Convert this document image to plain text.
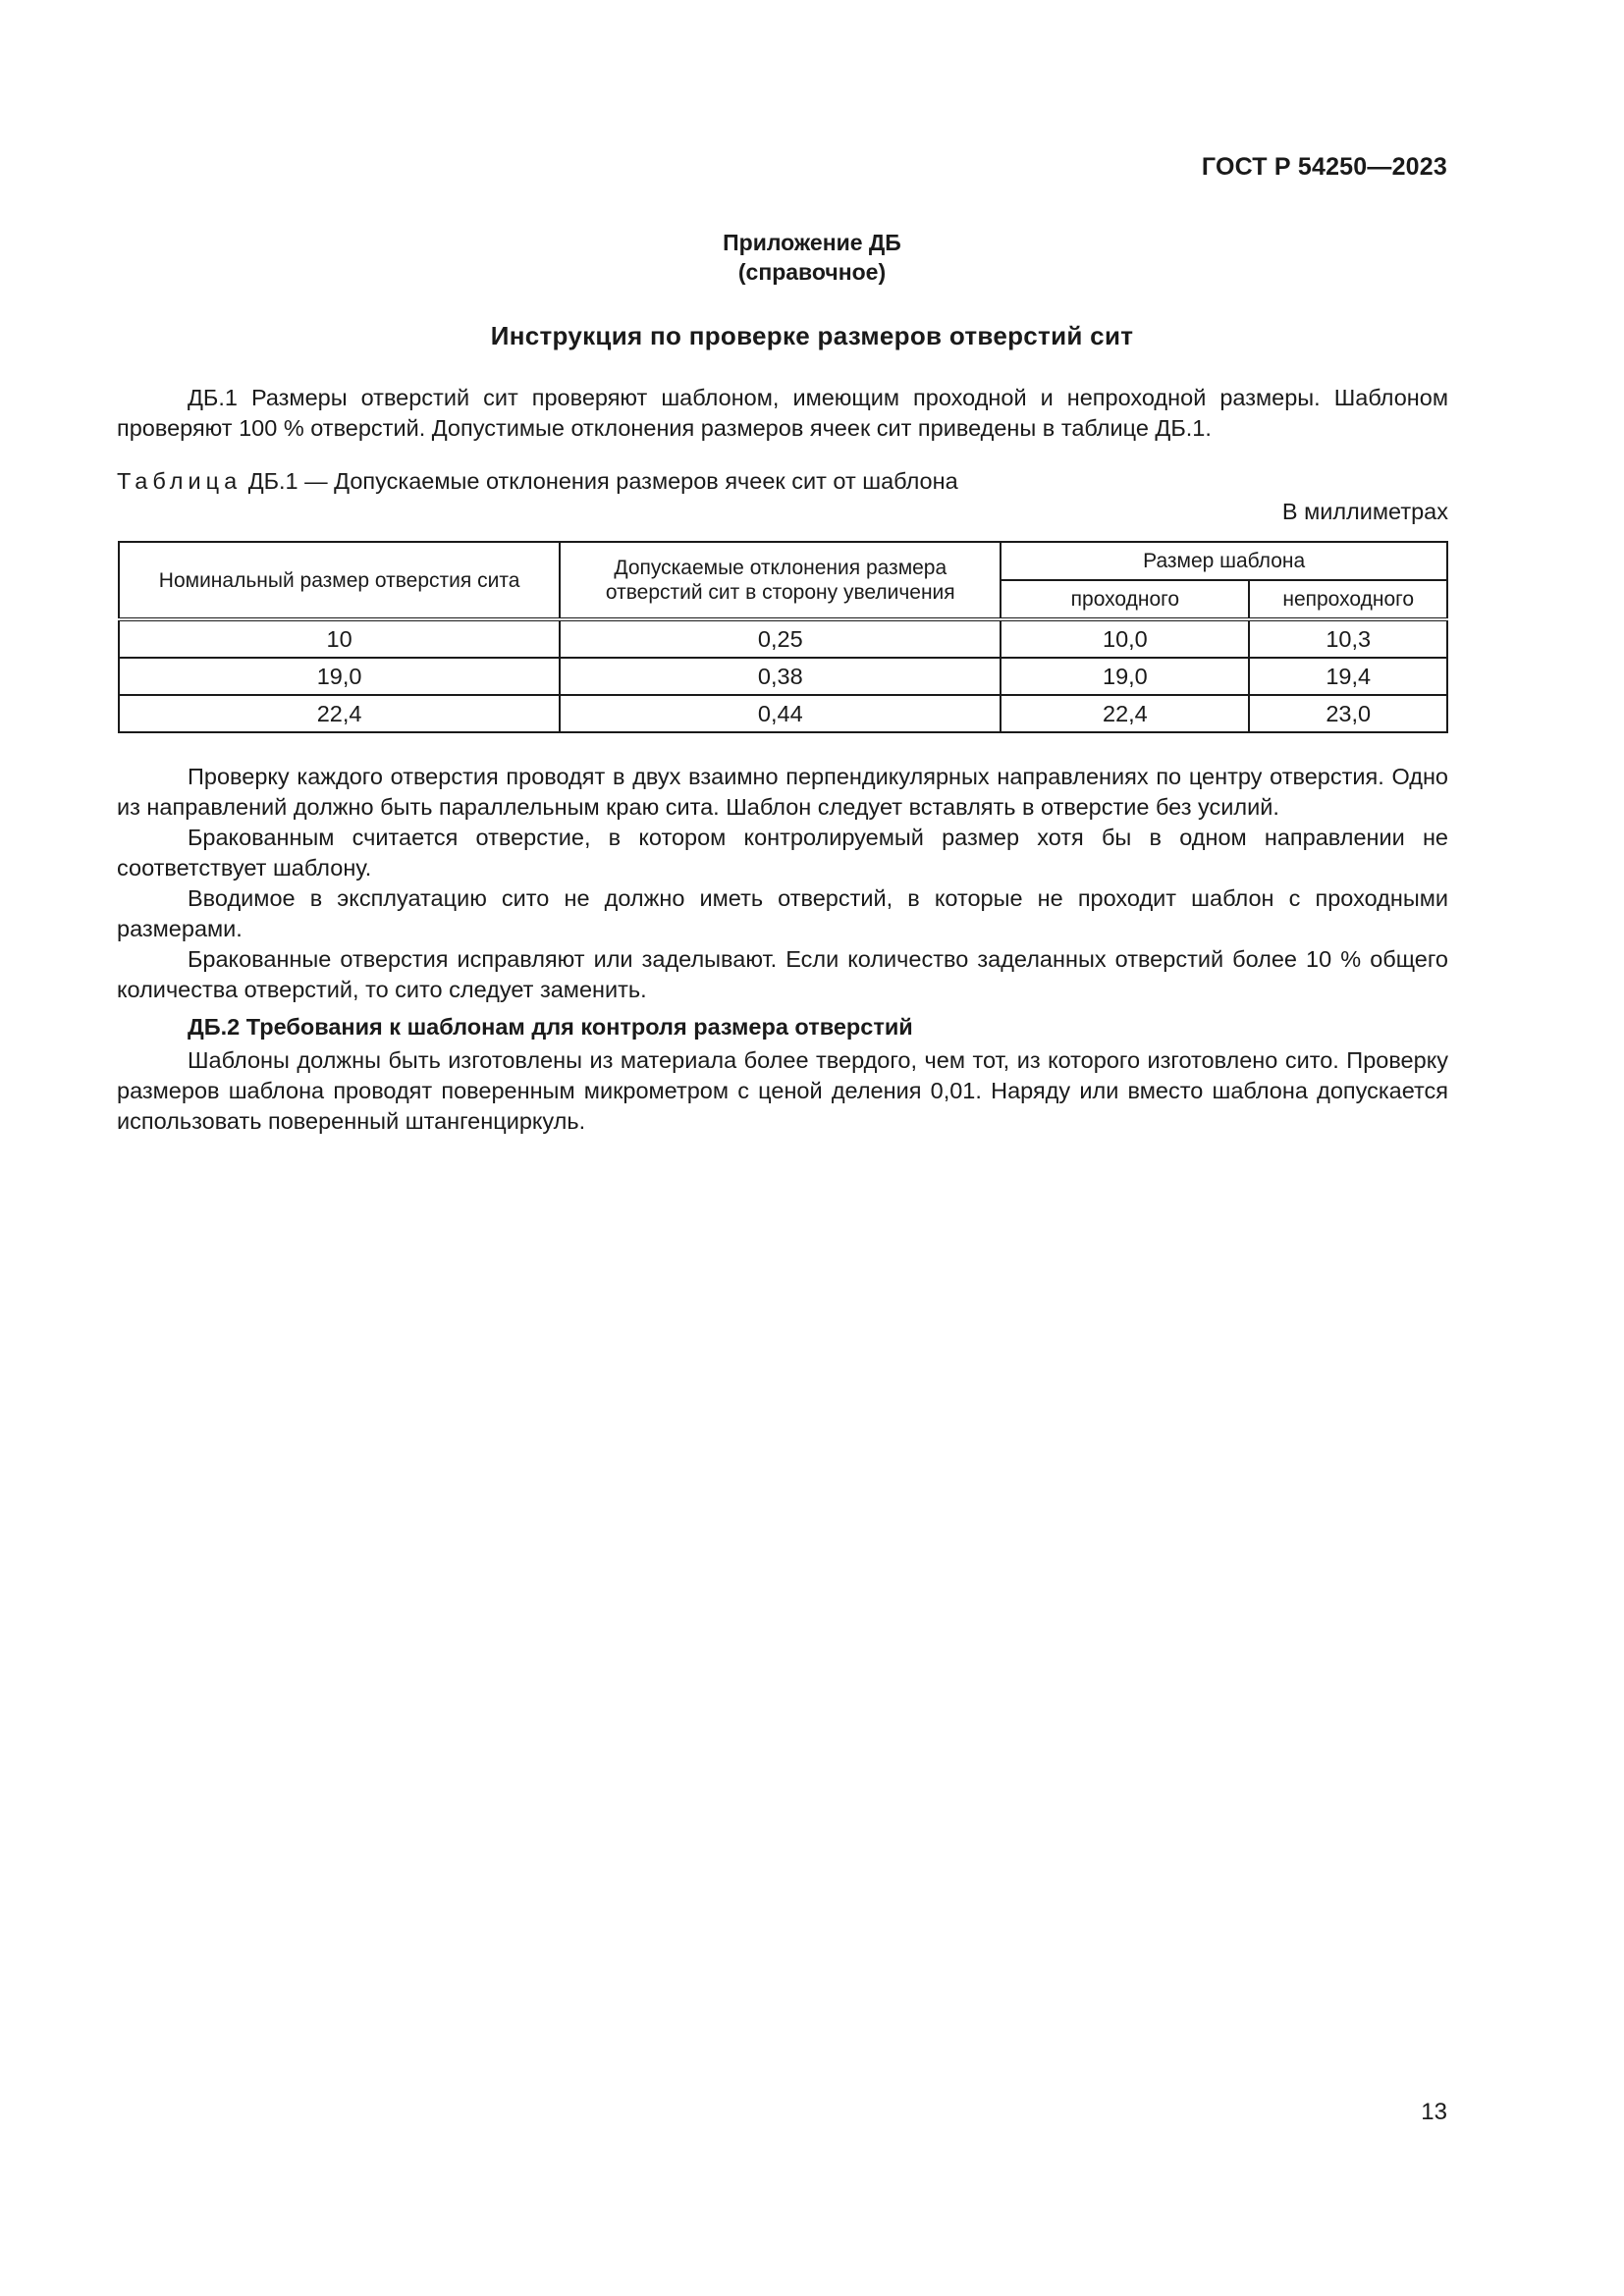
ГОСТ Р 54250—2023
Приложение ДБ
(справочное)
Инструкция по проверке размеров отверстий сит

ДБ.1 Размеры отверстий сит проверяют шаблоном, имеющим проходной и непроходной размеры. Шаблоном проверяют 100 % отверстий. Допустимые отклонения размеров ячеек сит приведены в таблице ДБ.1.

Таблица ДБ.1 — Допускаемые отклонения размеров ячеек сит от шаблона
В миллиметрах
Номинальный размер отверстия сита	Допускаемые отклонения размера отверстий сит в сторону увеличения	Размер шаблона	
		проходного	непроходного
10	0,25	10,0	10,3
19,0	0,38	19,0	19,4
22,4	0,44	22,4	23,0

Проверку каждого отверстия проводят в двух взаимно перпендикулярных направлениях по центру отверстия. Одно из направлений должно быть параллельным краю сита. Шаблон следует вставлять в отверстие без усилий.

Бракованным считается отверстие, в котором контролируемый размер хотя бы в одном направлении не соответствует шаблону.

Вводимое в эксплуатацию сито не должно иметь отверстий, в которые не проходит шаблон с проходными размерами.

Бракованные отверстия исправляют или заделывают. Если количество заделанных отверстий более 10 % общего количества отверстий, то сито следует заменить.

ДБ.2 Требования к шаблонам для контроля размера отверстий

Шаблоны должны быть изготовлены из материала более твердого, чем тот, из которого изготовлено сито. Проверку размеров шаблона проводят поверенным микрометром с ценой деления 0,01. Наряду или вместо шаблона допускается использовать поверенный штангенциркуль.

13
